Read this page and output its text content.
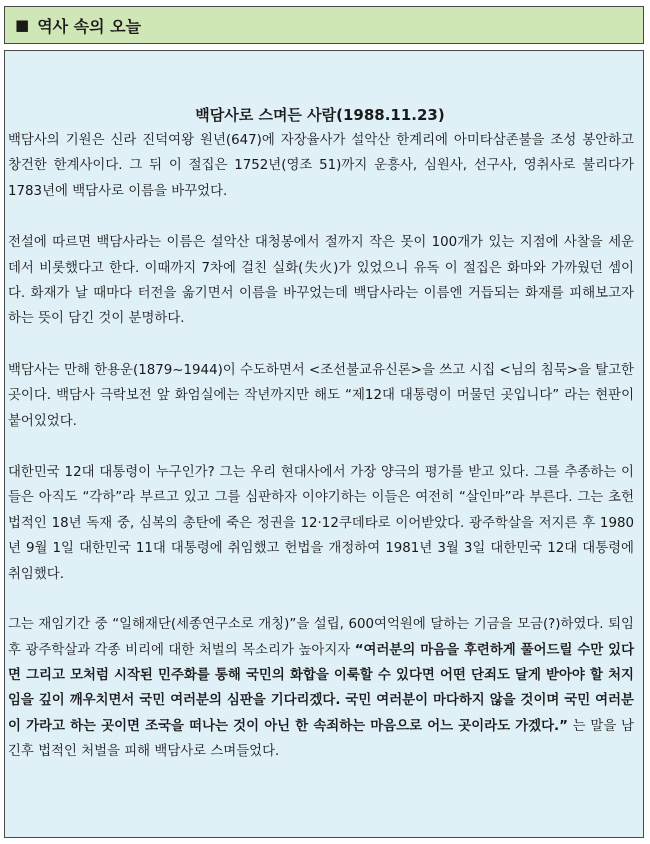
■ 역사 속의 오늘
백담사로 스며든 사람(1988.11.23)

백담사의 기원은 신라 진덕여왕 원년(647)에 자장율사가 설악산 한계리에 아미타삼존불을 조성 봉안하고 창건한 한계사이다. 그 뒤 이 절집은 1752년(영조 51)까지 운흥사, 심원사, 선구사, 영취사로 불리다가 1783년에 백담사로 이름을 바꾸었다.

전설에 따르면 백담사라는 이름은 설악산 대청봉에서 절까지 작은 못이 100개가 있는 지점에 사찰을 세운 데서 비롯했다고 한다. 이때까지 7차에 걸친 실화(失火)가 있었으니 유독 이 절집은 화마와 가까웠던 셈이다. 화재가 날 때마다 터전을 옮기면서 이름을 바꾸었는데 백담사라는 이름엔 거듭되는 화재를 피해보고자 하는 뜻이 담긴 것이 분명하다.

백담사는 만해 한용운(1879~1944)이 수도하면서 <조선불교유신론>을 쓰고 시집 <님의 침묵>을 탈고한 곳이다. 백담사 극락보전 앞 화엄실에는 작년까지만 해도 “제12대 대통령이 머물던 곳입니다” 라는 현판이 붙어있었다.

대한민국 12대 대통령이 누구인가? 그는 우리 현대사에서 가장 양극의 평가를 받고 있다. 그를 추종하는 이들은 아직도 “각하”라 부르고 있고 그를 심판하자 이야기하는 이들은 여전히 “살인마”라 부른다. 그는 초헌법적인 18년 독재 중, 심복의 총탄에 죽은 정권을 12·12쿠데타로 이어받았다. 광주학살을 저지른 후 1980년 9월 1일 대한민국 11대 대통령에 취임했고 헌법을 개정하여 1981년 3월 3일 대한민국 12대 대통령에 취임했다.

그는 재임기간 중 “일해재단(세종연구소로 개칭)”을 설립, 600여억원에 달하는 기금을 모금(?)하였다. 퇴임 후 광주학살과 각종 비리에 대한 처벌의 목소리가 높아지자 “여러분의 마음을 후련하게 풀어드릴 수만 있다면 그리고 모처럼 시작된 민주화를 통해 국민의 화합을 이룩할 수 있다면 어떤 단죄도 달게 받아야 할 처지임을 깊이 깨우치면서 국민 여러분의 심판을 기다리겠다. 국민 여러분이 마다하지 않을 것이며 국민 여러분이 가라고 하는 곳이면 조국을 떠나는 것이 아닌 한 속죄하는 마음으로 어느 곳이라도 가겠다.” 는 말을 남긴후 법적인 처벌을 피해 백담사로 스며들었다.
